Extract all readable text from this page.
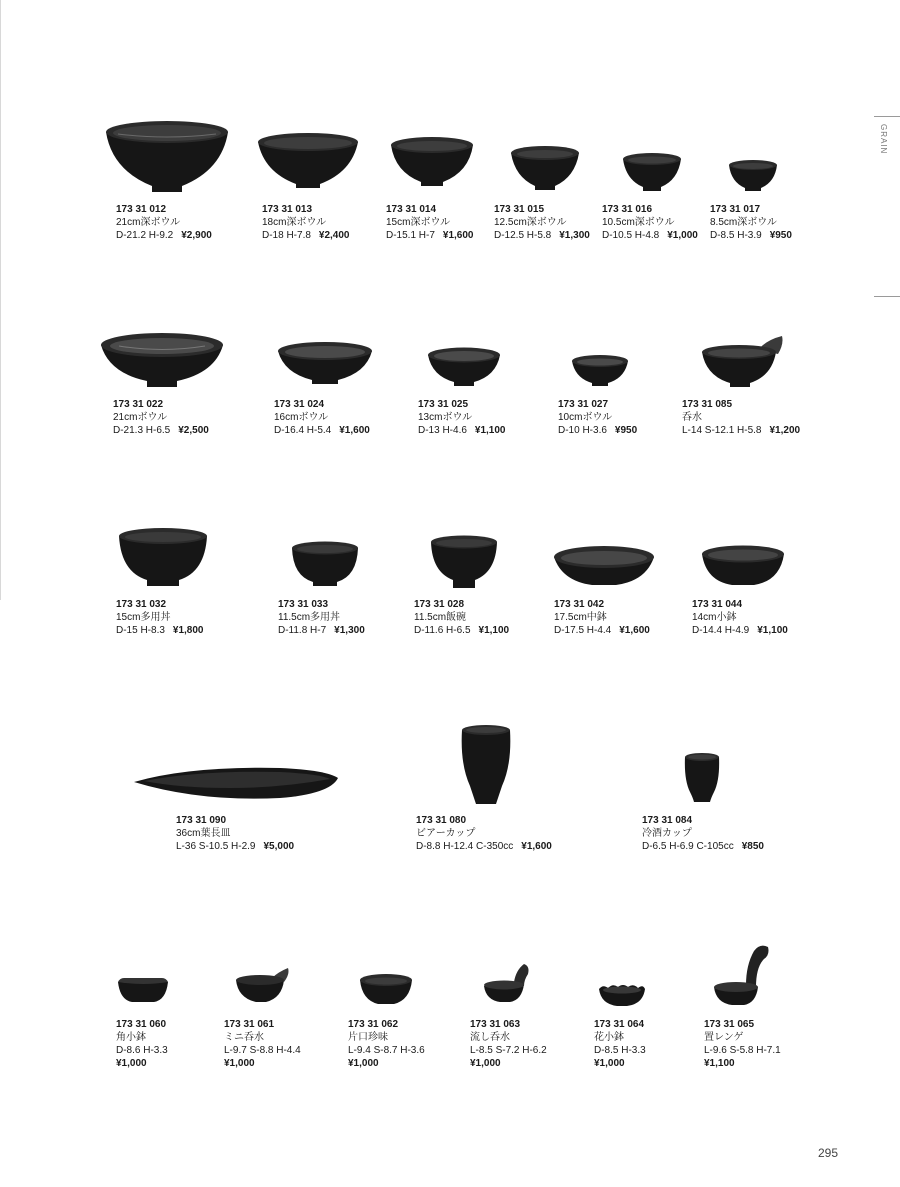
GRAIN
173 31 012
21cm深ボウル
D-21.2 H-9.2 ¥2,900
173 31 013
18cm深ボウル
D-18 H-7.8 ¥2,400
173 31 014
15cm深ボウル
D-15.1 H-7 ¥1,600
173 31 015
12.5cm深ボウル
D-12.5 H-5.8 ¥1,300
173 31 016
10.5cm深ボウル
D-10.5 H-4.8 ¥1,000
173 31 017
8.5cm深ボウル
D-8.5 H-3.9 ¥950
173 31 022
21cmボウル
D-21.3 H-6.5 ¥2,500
173 31 024
16cmボウル
D-16.4 H-5.4 ¥1,600
173 31 025
13cmボウル
D-13 H-4.6 ¥1,100
173 31 027
10cmボウル
D-10 H-3.6 ¥950
173 31 085
呑水
L-14 S-12.1 H-5.8 ¥1,200
173 31 032
15cm多用丼
D-15 H-8.3 ¥1,800
173 31 033
11.5cm多用丼
D-11.8 H-7 ¥1,300
173 31 028
11.5cm飯碗
D-11.6 H-6.5 ¥1,100
173 31 042
17.5cm中鉢
D-17.5 H-4.4 ¥1,600
173 31 044
14cm小鉢
D-14.4 H-4.9 ¥1,100
173 31 090
36cm葉長皿
L-36 S-10.5 H-2.9 ¥5,000
173 31 080
ビアーカップ
D-8.8 H-12.4 C-350cc ¥1,600
173 31 084
冷酒カップ
D-6.5 H-6.9 C-105cc ¥850
173 31 060
角小鉢
D-8.6 H-3.3
¥1,000
173 31 061
ミニ呑水
L-9.7 S-8.8 H-4.4
¥1,000
173 31 062
片口珍味
L-9.4 S-8.7 H-3.6
¥1,000
173 31 063
流し呑水
L-8.5 S-7.2 H-6.2
¥1,000
173 31 064
花小鉢
D-8.5 H-3.3
¥1,000
173 31 065
置レンゲ
L-9.6 S-5.8 H-7.1
¥1,100
295
